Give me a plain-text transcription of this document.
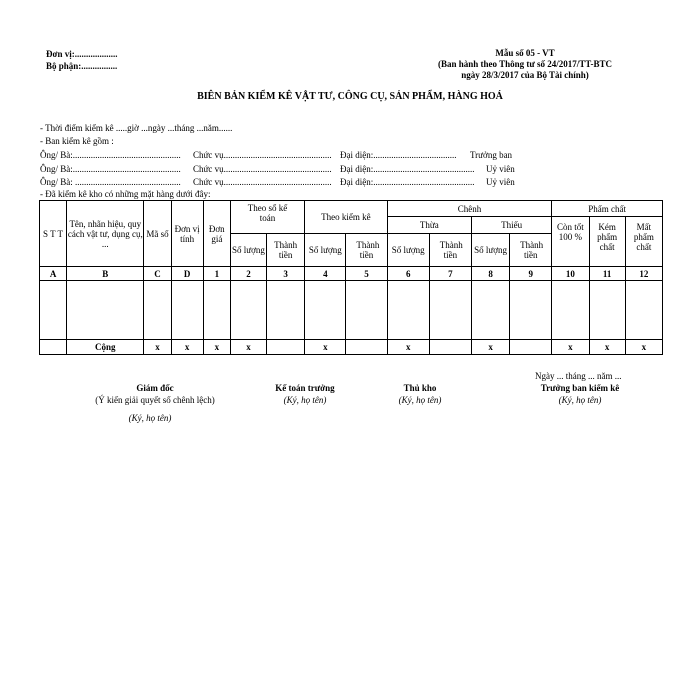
Đơn vị:...................
Bộ phận:................
Mẫu số 05 - VT
(Ban hành theo Thông tư số 24/2017/TT-BTC
ngày 28/3/2017 của Bộ Tài chính)
BIÊN BẢN KIỂM KÊ VẬT TƯ, CÔNG CỤ, SẢN PHẨM, HÀNG HOÁ
- Thời điểm kiểm kê .....giờ ...ngày ...tháng ...năm......
- Ban kiểm kê gồm :
Ông/ Bà:................................................ Chức vụ................................................ Đại diện:..................................... Trưởng ban
Ông/ Bà:................................................ Chức vụ................................................ Đại diện:............................................. Uỷ viên
Ông/ Bà: ............................................... Chức vụ................................................ Đại diện:............................................. Uỷ viên
- Đã kiểm kê kho có những mặt hàng dưới đây:
S T T	Tên, nhãn hiệu, quy cách vật tư, dụng cụ, ...	Mã số	Đơn vị tính	Đơn giá	Theo sổ kế toán		Theo kiểm kê		Chênh				Phẩm chất		
									Thừa		Thiếu		Còn tốt 100 %	Kém phẩm chất	Mất phẩm chất

					Số lượng	Thành tiền	Số lượng	Thành tiền	Số lượng	Thành tiền	Số lượng	Thành tiền			

A	B	C	D	1	2	3	4	5	6	7	8	9	10	11	12

	Cộng	x	x	x	x		x		x		x		x	x	x
Ngày ... tháng ... năm ...
Giám đốc
(Ý kiến giải quyết số chênh lệch)
(Ký, họ tên)
Kế toán trưởng
(Ký, họ tên)
Thủ kho
(Ký, họ tên)
Trưởng ban kiểm kê
(Ký, họ tên)
